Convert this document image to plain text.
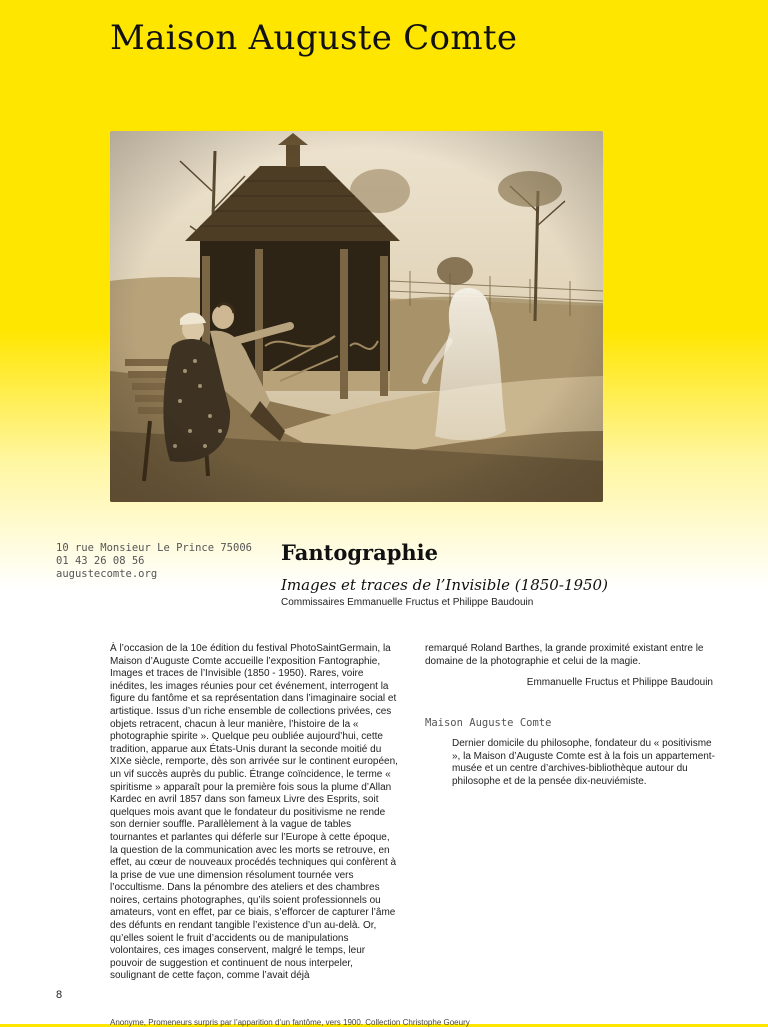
Maison Auguste Comte
10 rue Monsieur Le Prince 75006
01 43 26 08 56
augustecomte.org
Fantographie

Images et traces de l’Invisible (1850-1950)

Commissaires Emmanuelle Fructus et Philippe Baudouin

À l’occasion de la 10e édition du festival PhotoSaintGermain, la Maison d’Auguste Comte accueille l’exposition Fantographie, Images et traces de l’Invisible (1850 - 1950). Rares, voire inédites, les images réunies pour cet événement, interrogent la figure du fantôme et sa représentation dans l’imaginaire social et artistique. Issus d’un riche ensemble de collections privées, ces objets retracent, chacun à leur manière, l’histoire de la « photographie spirite ». Quelque peu oubliée aujourd’hui, cette tradition, apparue aux États-Unis durant la seconde moitié du XIXe siècle, remporte, dès son arrivée sur le continent européen, un vif succès auprès du public. Étrange coïncidence, le terme « spiritisme » apparaît pour la première fois sous la plume d’Allan Kardec en avril 1857 dans son fameux Livre des Esprits, soit quelques mois avant que le fondateur du positivisme ne rende son dernier souffle. Parallèlement à la vague de tables tournantes et parlantes qui déferle sur l’Europe à cette époque, la question de la communication avec les morts se retrouve, en effet, au cœur de nouveaux procédés techniques qui confèrent à la prise de vue une dimension résolument tournée vers l’occultisme. Dans la pénombre des ateliers et des chambres noires, certains photographes, qu’ils soient professionnels ou amateurs, vont en effet, par ce biais, s’efforcer de capturer l’âme des défunts en rendant tangible l’existence d’un au-delà. Or, qu’elles soient le fruit d’accidents ou de manipulations volontaires, ces images conservent, malgré le temps, leur pouvoir de suggestion et continuent de nous interpeler, soulignant de cette façon, comme l’avait déjà

remarqué Roland Barthes, la grande proximité existant entre le domaine de la photographie et celui de la magie.

Emmanuelle Fructus et Philippe Baudouin

Maison Auguste Comte

Dernier domicile du philosophe, fondateur du « positivisme », la Maison d’Auguste Comte est à la fois un appartement-musée et un centre d’archives-bibliothèque autour du philosophe et de la pensée dix-neuviémiste.

8

Anonyme, Promeneurs surpris par l’apparition d’un fantôme, vers 1900. Collection Christophe Goeury
